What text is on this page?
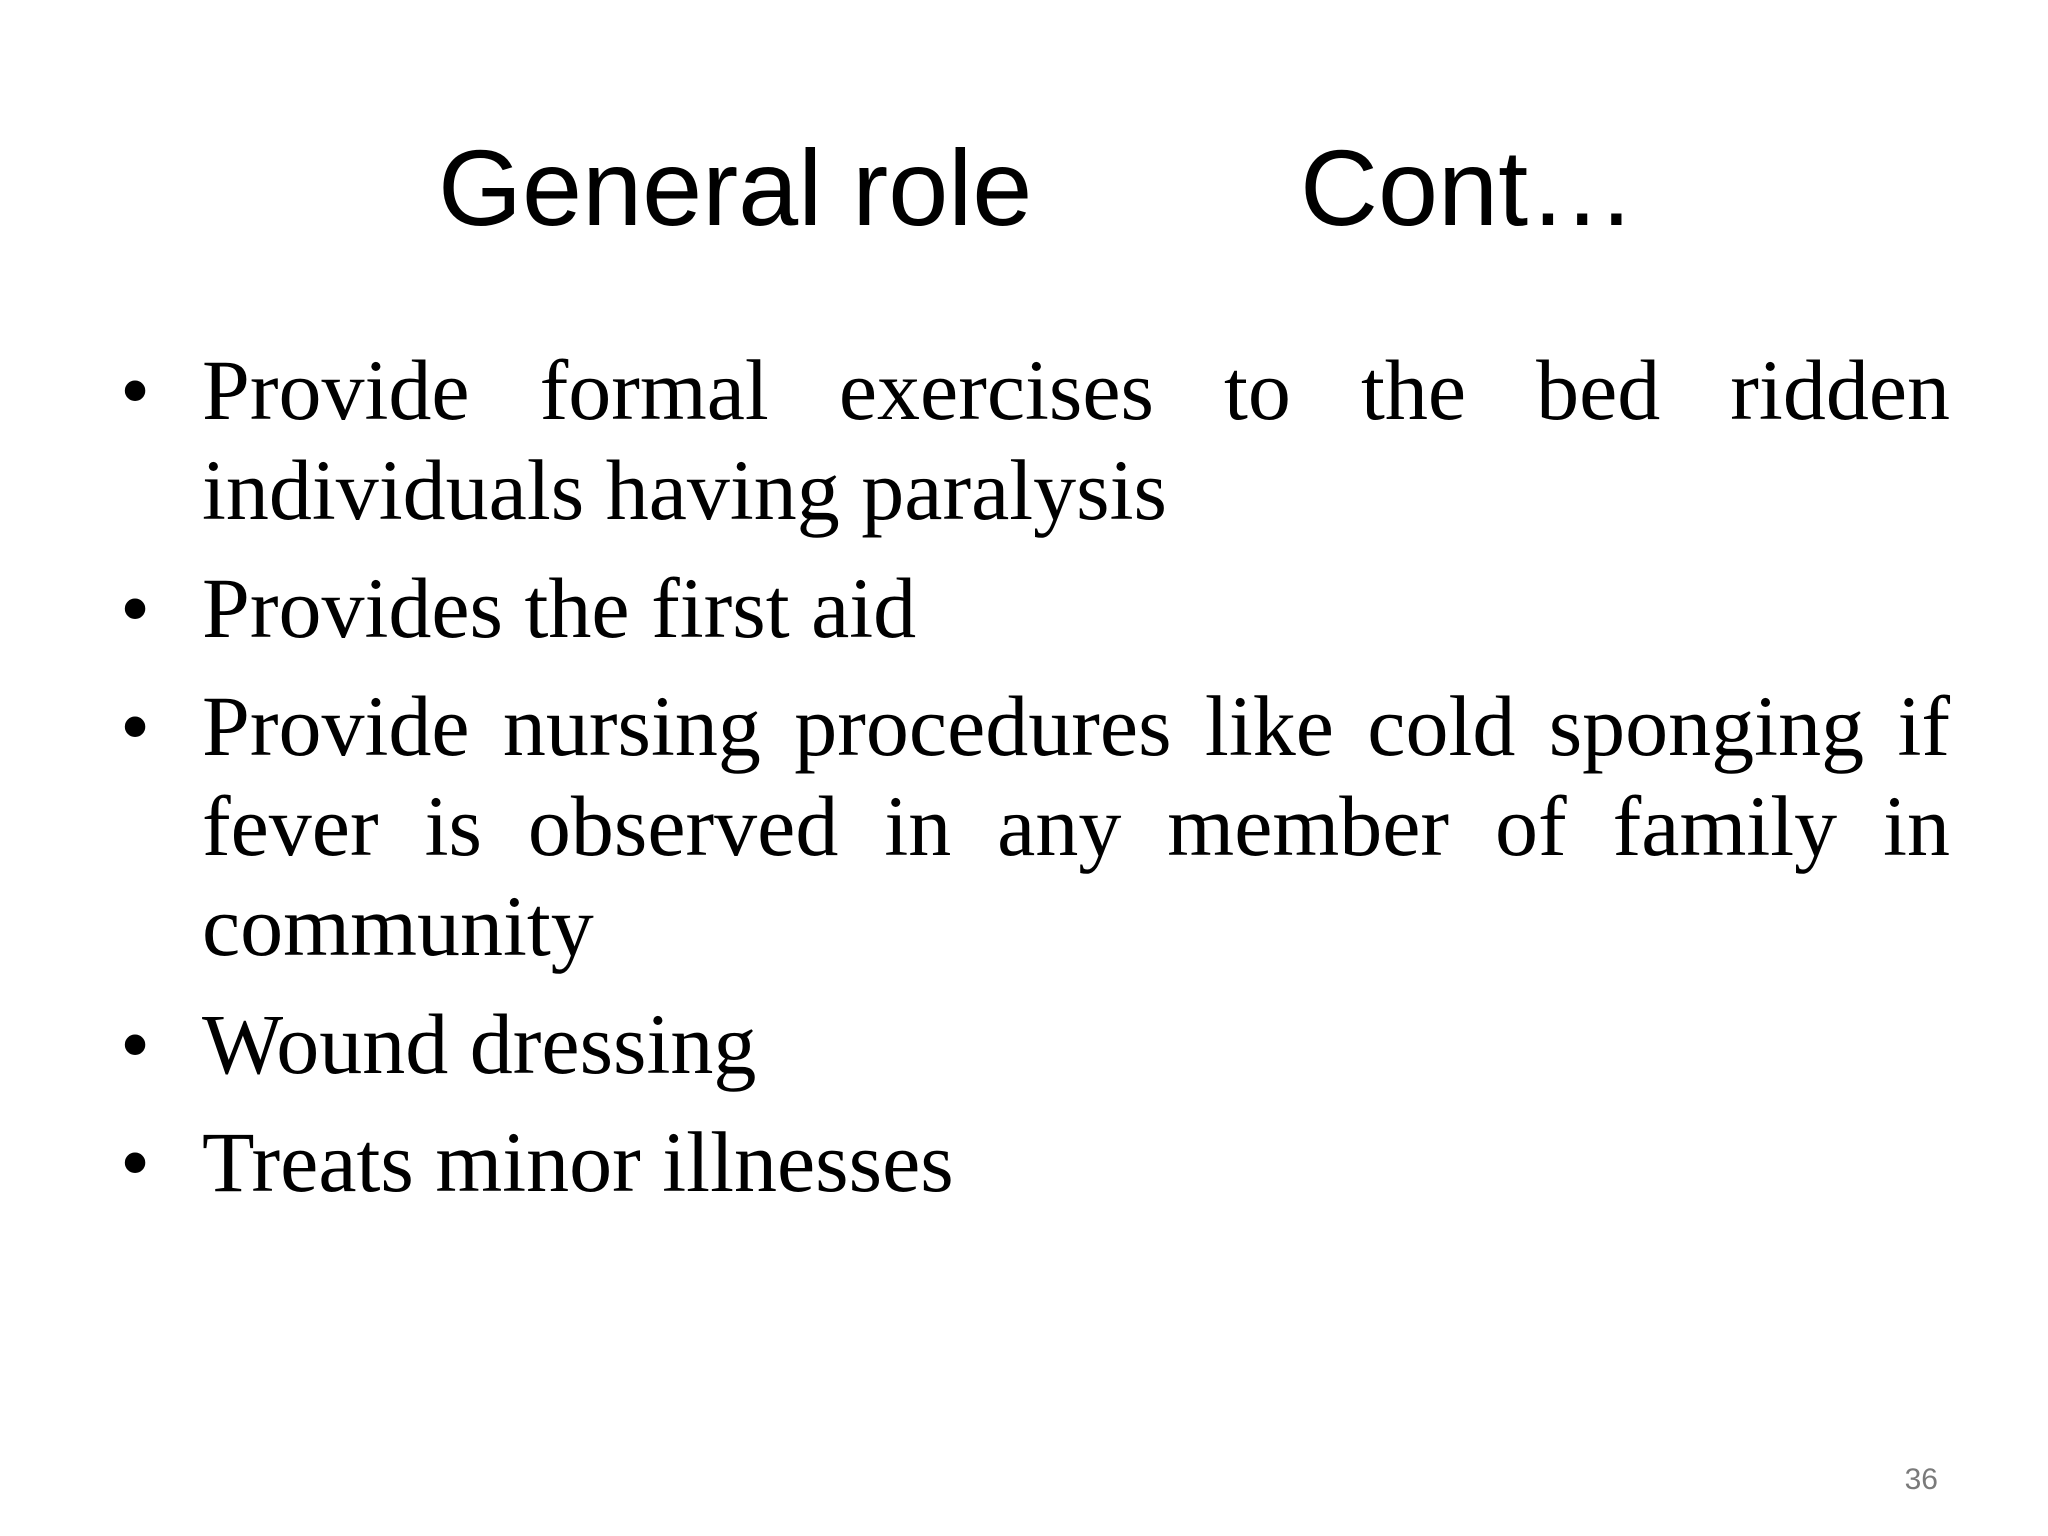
General role Cont…
• Provide formal exercises to the bed ridden individuals having paralysis
• Provides the first aid
• Provide nursing procedures like cold sponging if fever is observed in any member of family in community
• Wound dressing
• Treats minor illnesses
36
